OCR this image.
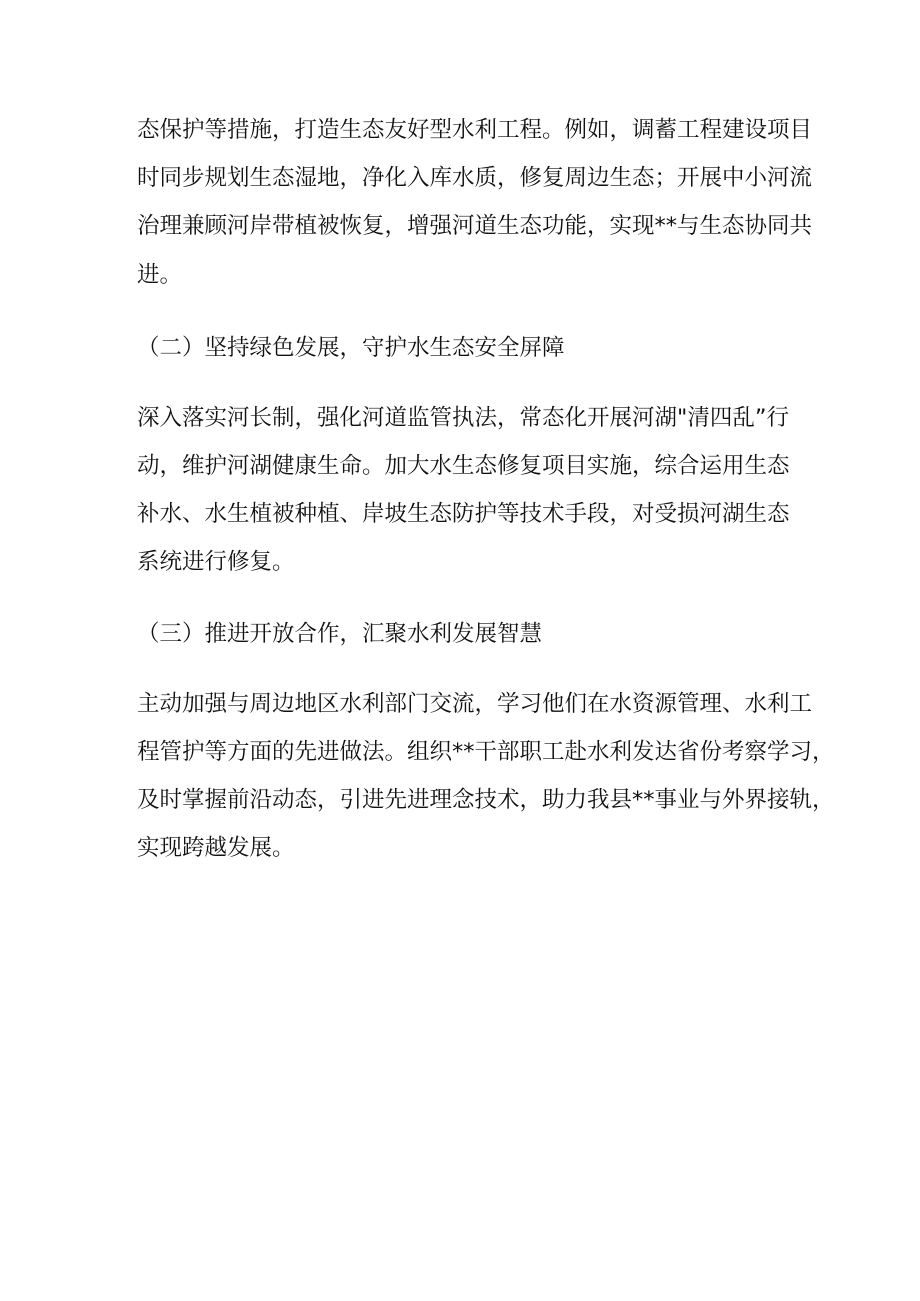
态保护等措施，打造生态友好型水利工程。例如，调蓄工程建设项目
时同步规划生态湿地，净化入库水质，修复周边生态；开展中小河流
治理兼顾河岸带植被恢复，增强河道生态功能，实现**与生态协同共
进。
（二）坚持绿色发展，守护水生态安全屏障
深入落实河长制，强化河道监管执法，常态化开展河湖"清四乱”行
动，维护河湖健康生命。加大水生态修复项目实施，综合运用生态
补水、水生植被种植、岸坡生态防护等技术手段，对受损河湖生态
系统进行修复。
（三）推进开放合作，汇聚水利发展智慧
主动加强与周边地区水利部门交流，学习他们在水资源管理、水利工
程管护等方面的先进做法。组织**干部职工赴水利发达省份考察学习，
及时掌握前沿动态，引进先进理念技术，助力我县**事业与外界接轨，
实现跨越发展。
